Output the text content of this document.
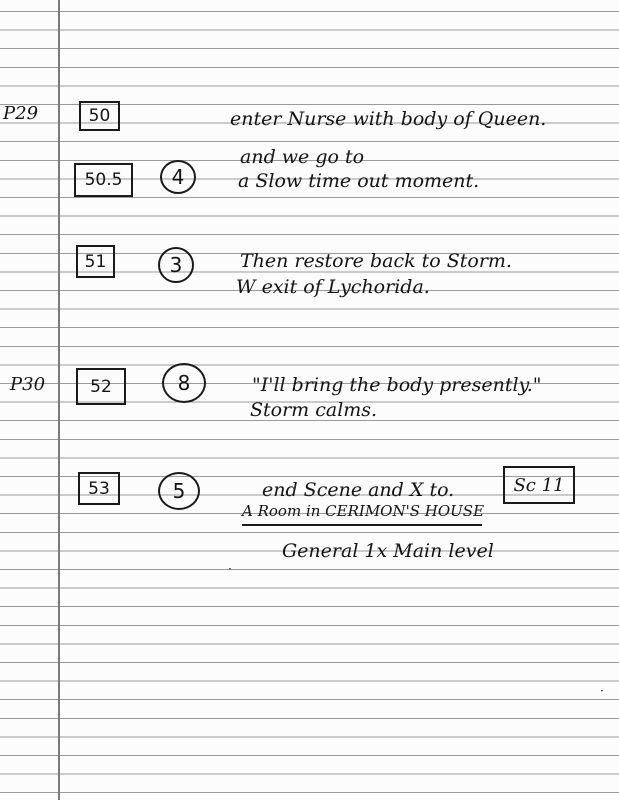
P29	50	enter Nurse with body of Queen.
50.5	4
and we go to
a Slow time out moment.
51	3	Then restore back to Storm.
W exit of Lychorida.
P30	52	8	"I'll bring the body presently."
Storm calms.
53	5	end Scene and X to.	Sc 11
A Room in CERIMON'S HOUSE
General 1x Main level
·
·
